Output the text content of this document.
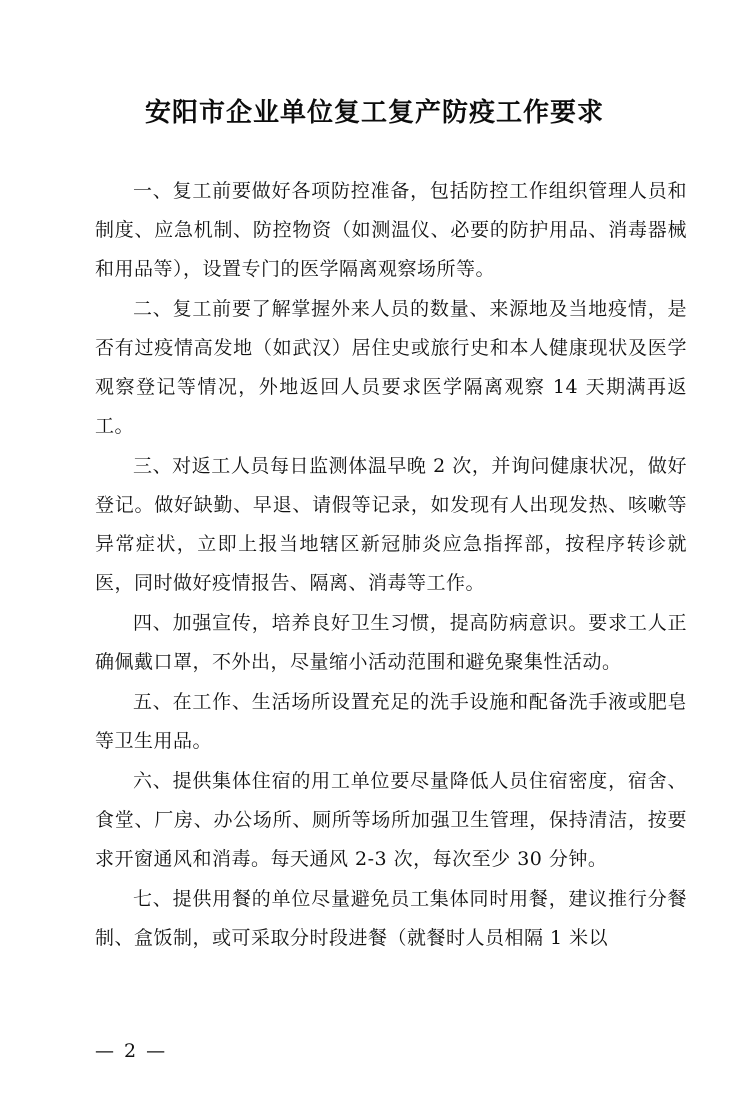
安阳市企业单位复工复产防疫工作要求

一、复工前要做好各项防控准备，包括防控工作组织管理人员和制度、应急机制、防控物资（如测温仪、必要的防护用品、消毒器械和用品等），设置专门的医学隔离观察场所等。

二、复工前要了解掌握外来人员的数量、来源地及当地疫情，是否有过疫情高发地（如武汉）居住史或旅行史和本人健康现状及医学观察登记等情况，外地返回人员要求医学隔离观察 14 天期满再返工。

三、对返工人员每日监测体温早晚 2 次，并询问健康状况，做好登记。做好缺勤、早退、请假等记录，如发现有人出现发热、咳嗽等异常症状，立即上报当地辖区新冠肺炎应急指挥部，按程序转诊就医，同时做好疫情报告、隔离、消毒等工作。

四、加强宣传，培养良好卫生习惯，提高防病意识。要求工人正确佩戴口罩，不外出，尽量缩小活动范围和避免聚集性活动。

五、在工作、生活场所设置充足的洗手设施和配备洗手液或肥皂等卫生用品。

六、提供集体住宿的用工单位要尽量降低人员住宿密度，宿舍、食堂、厂房、办公场所、厕所等场所加强卫生管理，保持清洁，按要求开窗通风和消毒。每天通风 2-3 次，每次至少 30 分钟。

七、提供用餐的单位尽量避免员工集体同时用餐，建议推行分餐制、盒饭制，或可采取分时段进餐（就餐时人员相隔 1 米以

— 2 —
